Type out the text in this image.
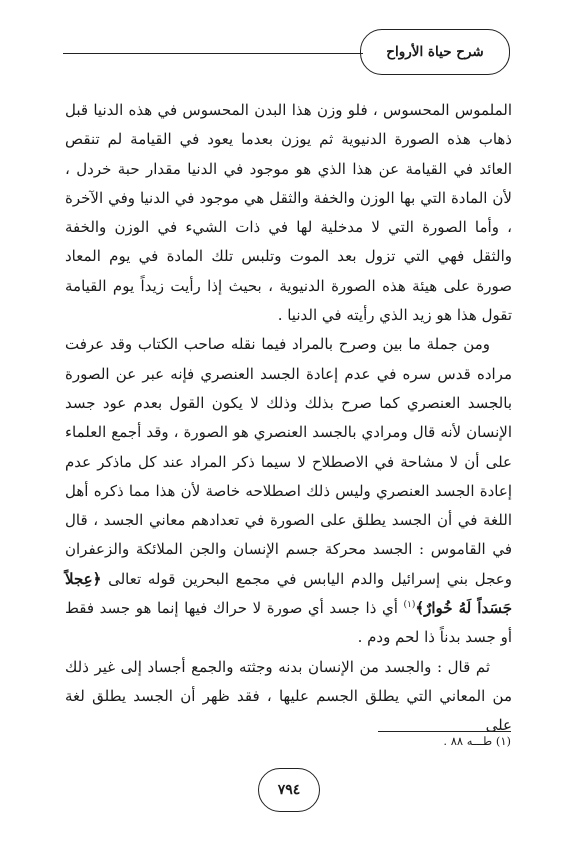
شرح حياة الأرواح

الملموس المحسوس ، فلو وزن هذا البدن المحسوس في هذه الدنيا قبل ذهاب هذه الصورة الدنيوية ثم يوزن بعدما يعود في القيامة لم تنقص العائد في القيامة عن هذا الذي هو موجود في الدنيا مقدار حبة خردل ، لأن المادة التي بها الوزن والخفة والثقل هي موجود في الدنيا وفي الآخرة ، وأما الصورة التي لا مدخلية لها في ذات الشيء في الوزن والخفة والثقل فهي التي تزول بعد الموت وتلبس تلك المادة في يوم المعاد صورة على هيئة هذه الصورة الدنيوية ، بحيث إذا رأيت زيداً يوم القيامة تقول هذا هو زيد الذي رأيته في الدنيا .

ومن جملة ما بين وصرح بالمراد فيما نقله صاحب الكتاب وقد عرفت مراده قدس سره في عدم إعادة الجسد العنصري فإنه عبر عن الصورة بالجسد العنصري كما صرح بذلك وذلك لا يكون القول بعدم عود جسد الإنسان لأنه قال ومرادي بالجسد العنصري هو الصورة ، وقد أجمع العلماء على أن لا مشاحة في الاصطلاح لا سيما ذكر المراد عند كل ماذكر عدم إعادة الجسد العنصري وليس ذلك اصطلاحه خاصة لأن هذا مما ذكره أهل اللغة في أن الجسد يطلق على الصورة في تعدادهم معاني الجسد ، قال في القاموس : الجسد محركة جسم الإنسان والجن الملائكة والزعفران وعجل بني إسرائيل والدم اليابس في مجمع البحرين قوله تعالى ﴿عِجلاً جَسَداً لَهُ خُوارٌ﴾$^{(١)}$ أي ذا جسد أي صورة لا حراك فيها إنما هو جسد فقط أو جسد بدناً ذا لحم ودم .

ثم قال : والجسد من الإنسان بدنه وجثته والجمع أجساد إلى غير ذلك من المعاني التي يطلق الجسم عليها ، فقد ظهر أن الجسد يطلق لغة على

(١) طـــه ٨٨ .
٧٩٤
